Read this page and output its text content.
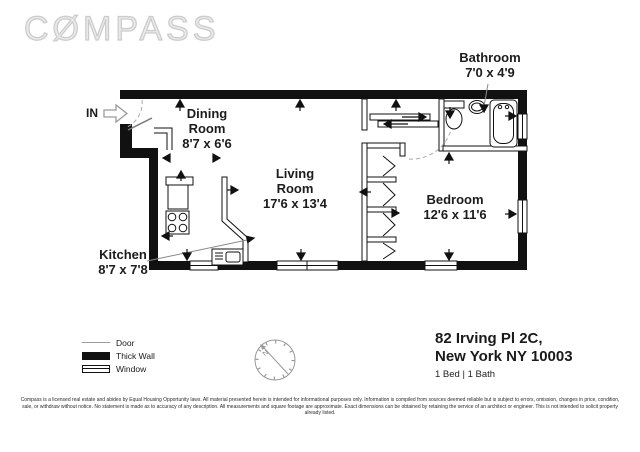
N
CØMPASS
Bathroom
7'0 x 4'9
Dining Room
8'7 x 6'6
Living Room
17'6 x 13'4	Bedroom
12'6 x 11'6
Kitchen
8'7 x 7'8
IN
Door
Thick Wall
Window
82 Irving Pl 2C,
New York NY 10003
1 Bed | 1 Bath
Compass is a licensed real estate and abides by Equal Housing Opportunity laws. All material presented herein is intended for informational purposes only. Information is compiled from sources deemed reliable but is subject to errors, omission, changes in price, condition, sale, or withdraw without notice. No statement is made as to accuracy of any description. All measurements and square footage are approximate. Exact dimensions can be obtained by retaining the service of an architect or engineer. This is not intended to solicit property already listed.
